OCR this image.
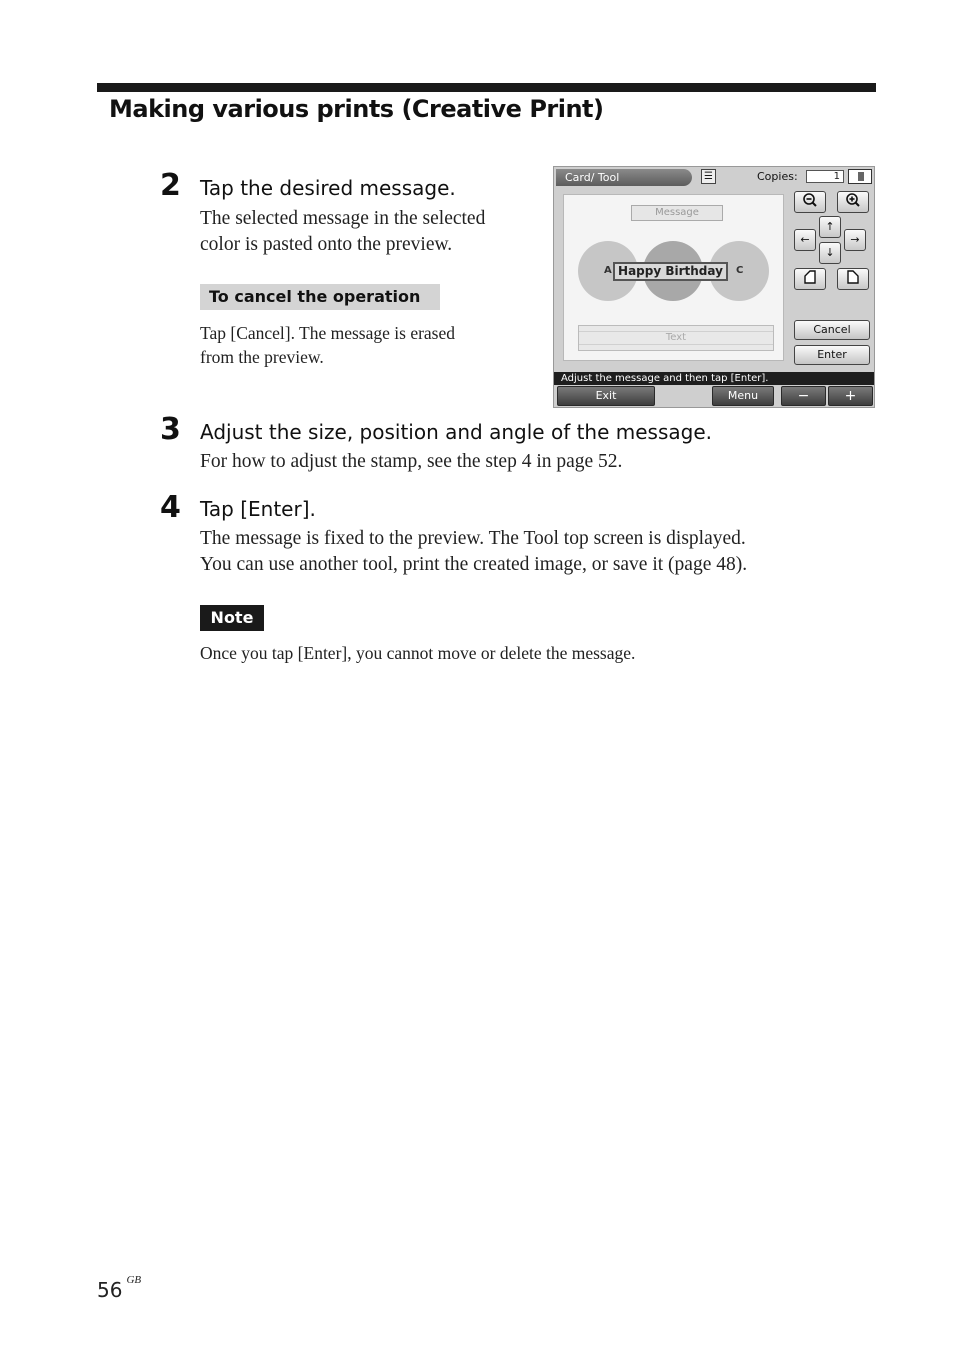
Making various prints (Creative Print)
2 Tap the desired message.
The selected message in the selected
color is pasted onto the preview.
To cancel the operation
Tap [Cancel]. The message is erased
from the preview.
Card/ Tool	☰	Copies:	1
Message
A	C
Happy Birthday
Text
↑
←	→
↓
Cancel
Enter
Adjust the message and then tap [Enter].
Exit	Menu	−	+
3 Adjust the size, position and angle of the message.
For how to adjust the stamp, see the step 4 in page 52.
4 Tap [Enter].
The message is fixed to the preview. The Tool top screen is displayed.
You can use another tool, print the created image, or save it (page 48).
Note
Once you tap [Enter], you cannot move or delete the message.
56 $^{GB}$
